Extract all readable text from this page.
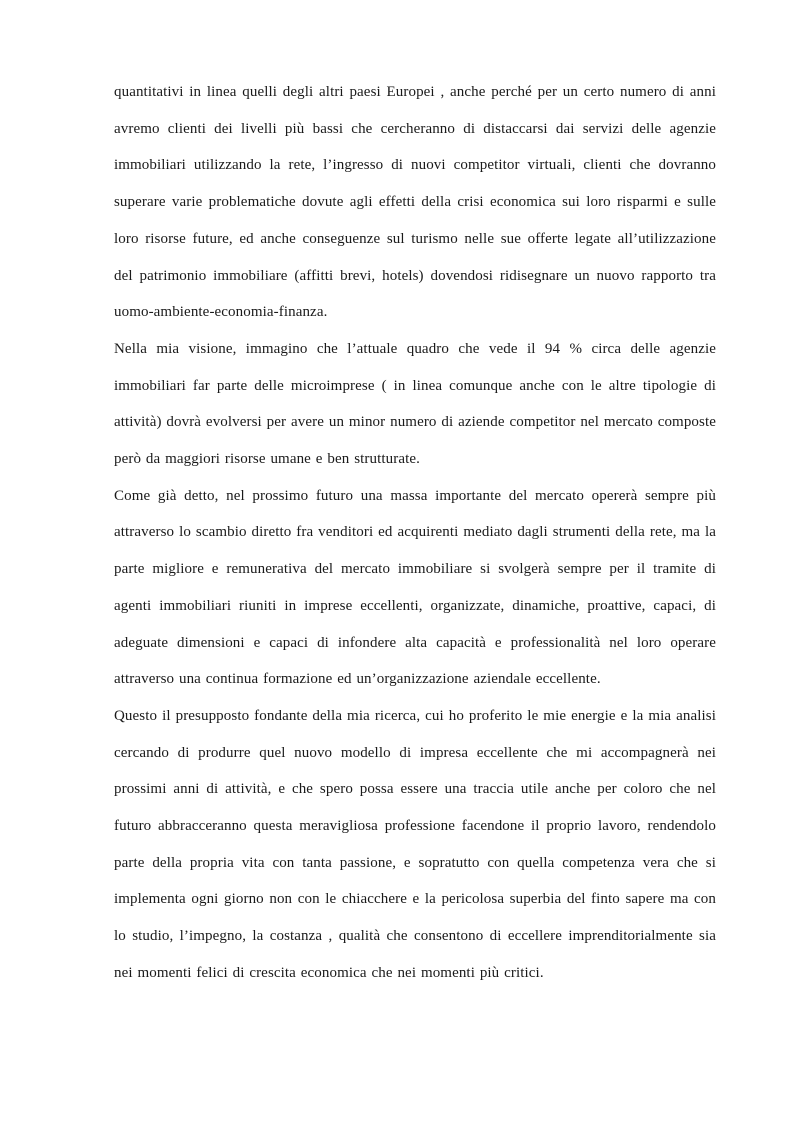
quantitativi in linea quelli degli altri paesi Europei , anche perché per un certo numero di anni avremo clienti dei livelli più bassi che cercheranno di distaccarsi dai servizi delle agenzie immobiliari utilizzando la rete, l’ingresso di nuovi competitor virtuali, clienti che dovranno superare varie problematiche dovute agli effetti della crisi economica sui loro risparmi e sulle loro risorse future, ed anche conseguenze sul turismo nelle sue offerte legate all’utilizzazione del patrimonio immobiliare (affitti brevi, hotels) dovendosi ridisegnare un nuovo rapporto tra uomo-ambiente-economia-finanza.

Nella mia visione, immagino che l’attuale quadro che vede il 94 % circa delle agenzie immobiliari far parte delle microimprese ( in linea comunque anche con le altre tipologie di attività) dovrà evolversi per avere un minor numero di aziende competitor nel mercato composte però da maggiori risorse umane e ben strutturate.

Come già detto, nel prossimo futuro una massa importante del mercato opererà sempre più attraverso lo scambio diretto fra venditori ed acquirenti mediato dagli strumenti della rete, ma la parte migliore e remunerativa del mercato immobiliare si svolgerà sempre per il tramite di agenti immobiliari riuniti in imprese eccellenti, organizzate, dinamiche, proattive, capaci, di adeguate dimensioni e capaci di infondere alta capacità e professionalità nel loro operare attraverso una continua formazione ed un’organizzazione aziendale eccellente.

Questo il presupposto fondante della mia ricerca, cui ho proferito le mie energie e la mia analisi cercando di produrre quel nuovo modello di impresa eccellente che mi accompagnerà nei prossimi anni di attività, e che spero possa essere una traccia utile anche per coloro che nel futuro abbracceranno questa meravigliosa professione facendone il proprio lavoro, rendendolo parte della propria vita con tanta passione, e sopratutto con quella competenza vera che si implementa ogni giorno non con le chiacchere e la pericolosa superbia del finto sapere ma con lo studio, l’impegno, la costanza , qualità che consentono di eccellere imprenditorialmente sia nei momenti felici di crescita economica che nei momenti più critici.
